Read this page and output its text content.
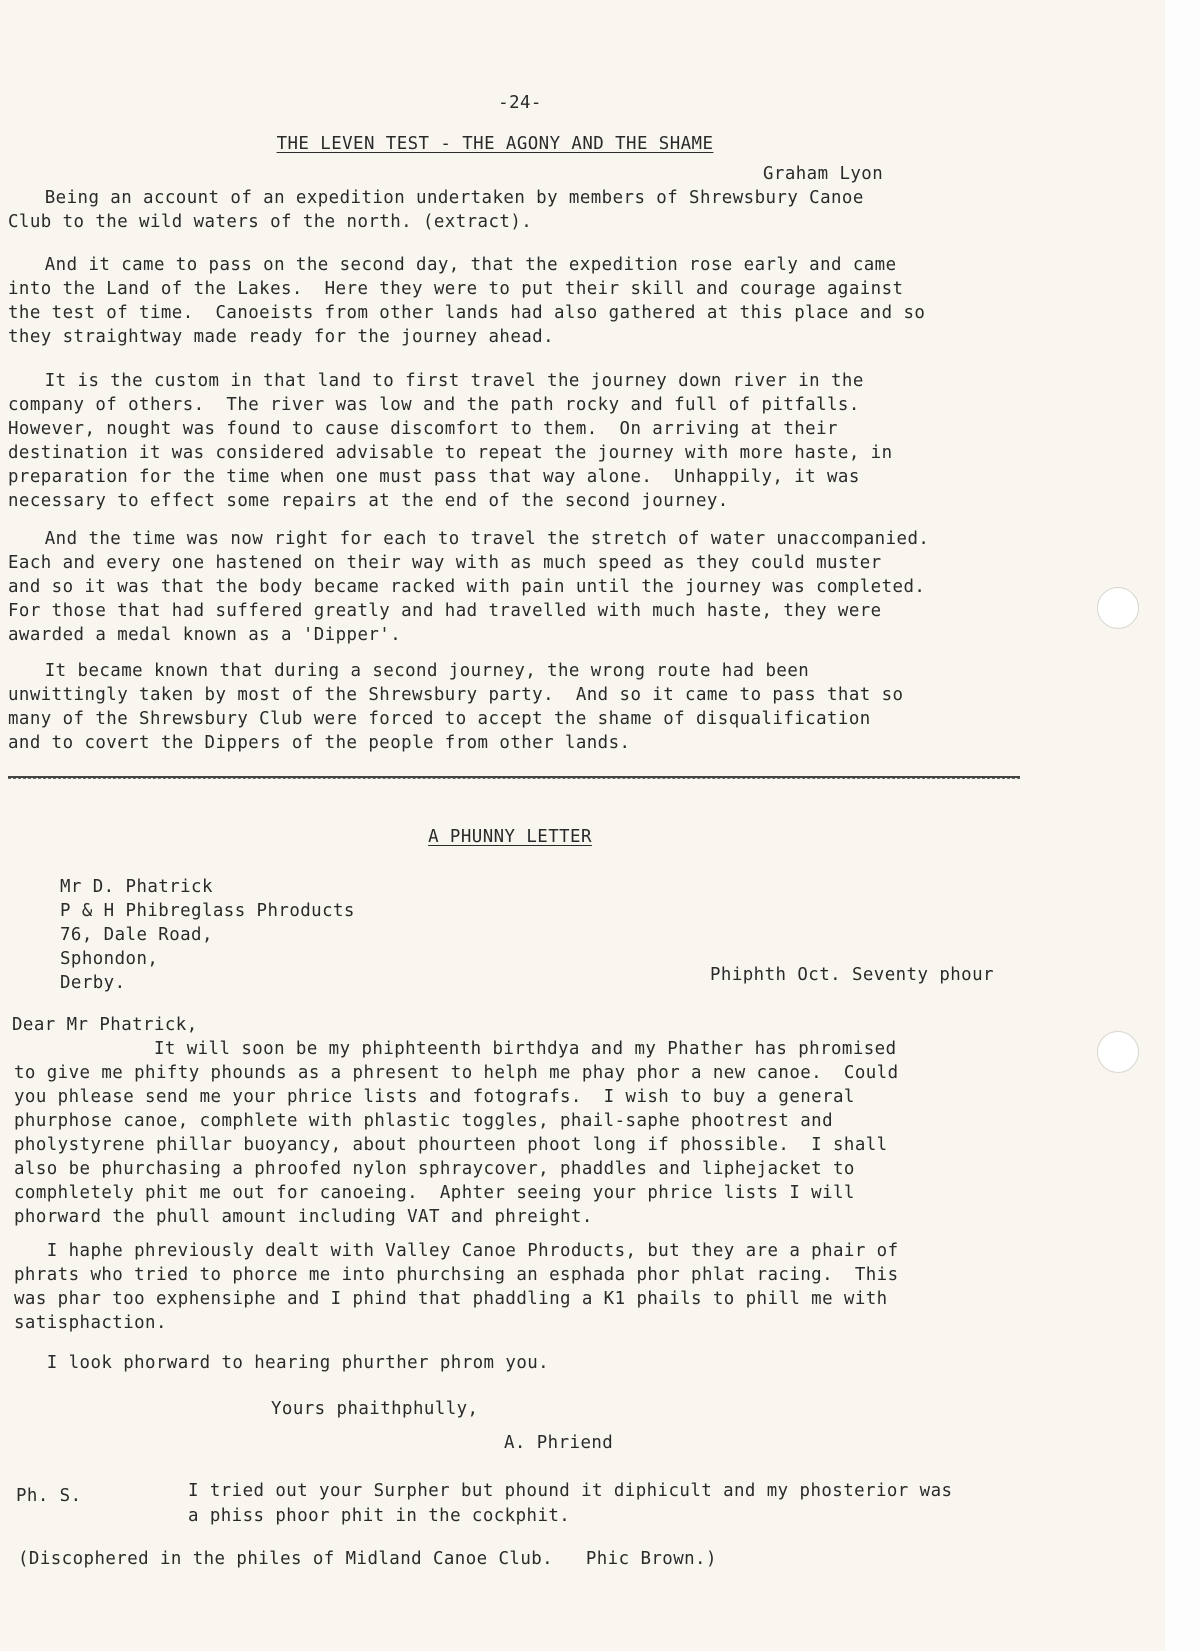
-24-
THE LEVEN TEST - THE AGONY AND THE SHAME
Graham Lyon
Being an account of an expedition undertaken by members of Shrewsbury Canoe
Club to the wild waters of the north. (extract).
And it came to pass on the second day, that the expedition rose early and came
into the Land of the Lakes.  Here they were to put their skill and courage against
the test of time.  Canoeists from other lands had also gathered at this place and so
they straightway made ready for the journey ahead.
It is the custom in that land to first travel the journey down river in the
company of others.  The river was low and the path rocky and full of pitfalls.
However, nought was found to cause discomfort to them.  On arriving at their
destination it was considered advisable to repeat the journey with more haste, in
preparation for the time when one must pass that way alone.  Unhappily, it was
necessary to effect some repairs at the end of the second journey.
And the time was now right for each to travel the stretch of water unaccompanied.
Each and every one hastened on their way with as much speed as they could muster
and so it was that the body became racked with pain until the journey was completed.
For those that had suffered greatly and had travelled with much haste, they were
awarded a medal known as a 'Dipper'.
It became known that during a second journey, the wrong route had been
unwittingly taken by most of the Shrewsbury party.  And so it came to pass that so
many of the Shrewsbury Club were forced to accept the shame of disqualification
and to covert the Dippers of the people from other lands.
A PHUNNY LETTER
Mr D. Phatrick
P & H Phibreglass Phroducts
76, Dale Road,
Sphondon,
Derby.	Phiphth Oct. Seventy phour
Dear Mr Phatrick,
It will soon be my phiphteenth birthdya and my Phather has phromised
to give me phifty phounds as a phresent to helph me phay phor a new canoe.  Could
you phlease send me your phrice lists and fotografs.  I wish to buy a general
phurphose canoe, comphlete with phlastic toggles, phail-saphe phootrest and
pholystyrene phillar buoyancy, about phourteen phoot long if phossible.  I shall
also be phurchasing a phroofed nylon sphraycover, phaddles and liphejacket to
comphletely phit me out for canoeing.  Aphter seeing your phrice lists I will
phorward the phull amount including VAT and phreight.
I haphe phreviously dealt with Valley Canoe Phroducts, but they are a phair of
phrats who tried to phorce me into phurchsing an esphada phor phlat racing.  This
was phar too exphensiphe and I phind that phaddling a K1 phails to phill me with
satisphaction.
I look phorward to hearing phurther phrom you.
Yours phaithphully,
A. Phriend
Ph. S.	I tried out your Surpher but phound it diphicult and my phosterior was
a phiss phoor phit in the cockphit.
(Discophered in the philes of Midland Canoe Club.   Phic Brown.)
